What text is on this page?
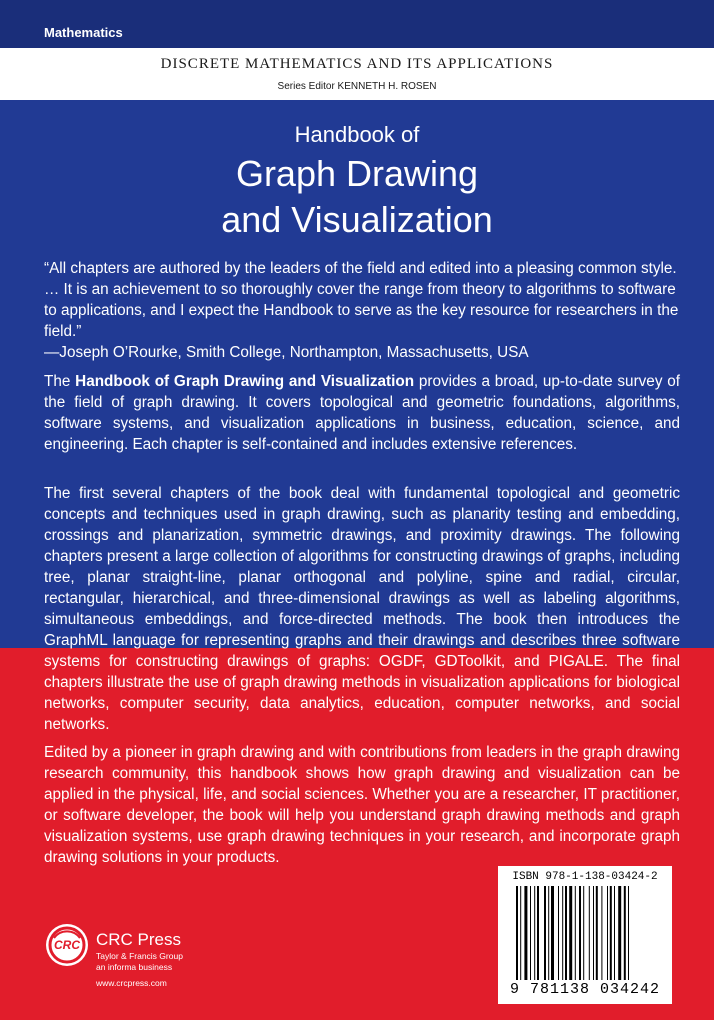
Mathematics
DISCRETE MATHEMATICS AND ITS APPLICATIONS
Series Editor KENNETH H. ROSEN
Handbook of
Graph Drawing
and Visualization
“All chapters are authored by the leaders of the field and edited into a pleasing common style. … It is an achievement to so thoroughly cover the range from theory to algorithms to software to applications, and I expect the Handbook to serve as the key resource for researchers in the field.”
—Joseph O’Rourke, Smith College, Northampton, Massachusetts, USA
The Handbook of Graph Drawing and Visualization provides a broad, up-to-date survey of the field of graph drawing. It covers topological and geometric foundations, algorithms, software systems, and visualization applications in business, education, science, and engineering. Each chapter is self-contained and includes extensive references.
The first several chapters of the book deal with fundamental topological and geometric concepts and techniques used in graph drawing, such as planarity testing and embedding, crossings and planarization, symmetric drawings, and proximity drawings. The following chapters present a large collection of algorithms for constructing drawings of graphs, including tree, planar straight-line, planar orthogonal and polyline, spine and radial, circular, rectangular, hierarchical, and three-dimensional drawings as well as labeling algorithms, simultaneous embeddings, and force-directed methods. The book then introduces the GraphML language for representing graphs and their drawings and describes three software systems for constructing drawings of graphs: OGDF, GDToolkit, and PIGALE. The final chapters illustrate the use of graph drawing methods in visualization applications for biological networks, computer security, data analytics, education, computer networks, and social networks.
Edited by a pioneer in graph drawing and with contributions from leaders in the graph drawing research community, this handbook shows how graph drawing and visualization can be applied in the physical, life, and social sciences. Whether you are a researcher, IT practitioner, or software developer, the book will help you understand graph drawing methods and graph visualization systems, use graph drawing techniques in your research, and incorporate graph drawing solutions in your products.
CRC CRC Press
Taylor & Francis Group
an informa business
www.crcpress.com
ISBN 978-1-138-03424-2
9 781138 034242
